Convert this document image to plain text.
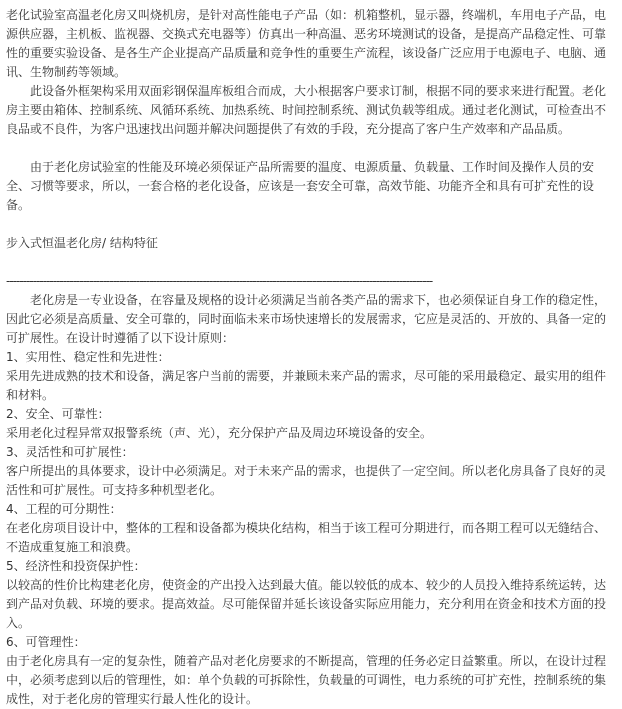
老化试验室高温老化房又叫烧机房，是针对高性能电子产品（如：机箱整机，显示器，终端机，车用电子产品，电源供应器，主机板、监视器、交换式充电器等）仿真出一种高温、恶劣环境测试的设备，是提高产品稳定性、可靠性的重要实验设备、是各生产企业提高产品质量和竞争性的重要生产流程，该设备广泛应用于电源电子、电脑、通讯、生物制药等领域。

此设备外框架构采用双面彩钢保温库板组合而成，大小根据客户要求订制，根据不同的要求来进行配置。老化房主要由箱体、控制系统、风循环系统、加热系统、时间控制系统、测试负载等组成。通过老化测试，可检查出不良品或不良件，为客户迅速找出问题并解决问题提供了有效的手段，充分提高了客户生产效率和产品品质。

由于老化房试验室的性能及环境必须保证产品所需要的温度、电源质量、负载量、工作时间及操作人员的安全、习惯等要求，所以，一套合格的老化设备，应该是一套安全可靠，高效节能、功能齐全和具有可扩充性的设备。

步入式恒温老化房/ 结构特征

--------------------------------------------------------------------------------------------------------------------------------

老化房是一专业设备，在容量及规格的设计必须满足当前各类产品的需求下，也必须保证自身工作的稳定性，因此它必须是高质量、安全可靠的，同时面临未来市场快速增长的发展需求，它应是灵活的、开放的、具备一定的可扩展性。在设计时遵循了以下设计原则：

1、实用性、稳定性和先进性：

采用先进成熟的技术和设备，满足客户当前的需要，并兼顾未来产品的需求，尽可能的采用最稳定、最实用的组件和材料。

2、安全、可靠性：

采用老化过程异常双报警系统（声、光），充分保护产品及周边环境设备的安全。

3、灵活性和可扩展性：

客户所提出的具体要求，设计中必须满足。对于未来产品的需求，也提供了一定空间。所以老化房具备了良好的灵活性和可扩展性。可支持多种机型老化。

4、工程的可分期性：

在老化房项目设计中，整体的工程和设备都为模块化结构，相当于该工程可分期进行，而各期工程可以无缝结合、不造成重复施工和浪费。

5、经济性和投资保护性：

以较高的性价比构建老化房，使资金的产出投入达到最大值。能以较低的成本、较少的人员投入维持系统运转，达到产品对负载、环境的要求。提高效益。尽可能保留并延长该设备实际应用能力，充分利用在资金和技术方面的投入。

6、可管理性：

由于老化房具有一定的复杂性，随着产品对老化房要求的不断提高，管理的任务必定日益繁重。所以，在设计过程中，必须考虑到以后的管理性，如：单个负载的可拆除性，负载量的可调性，电力系统的可扩充性，控制系统的集成性，对于老化房的管理实行最人性化的设计。
